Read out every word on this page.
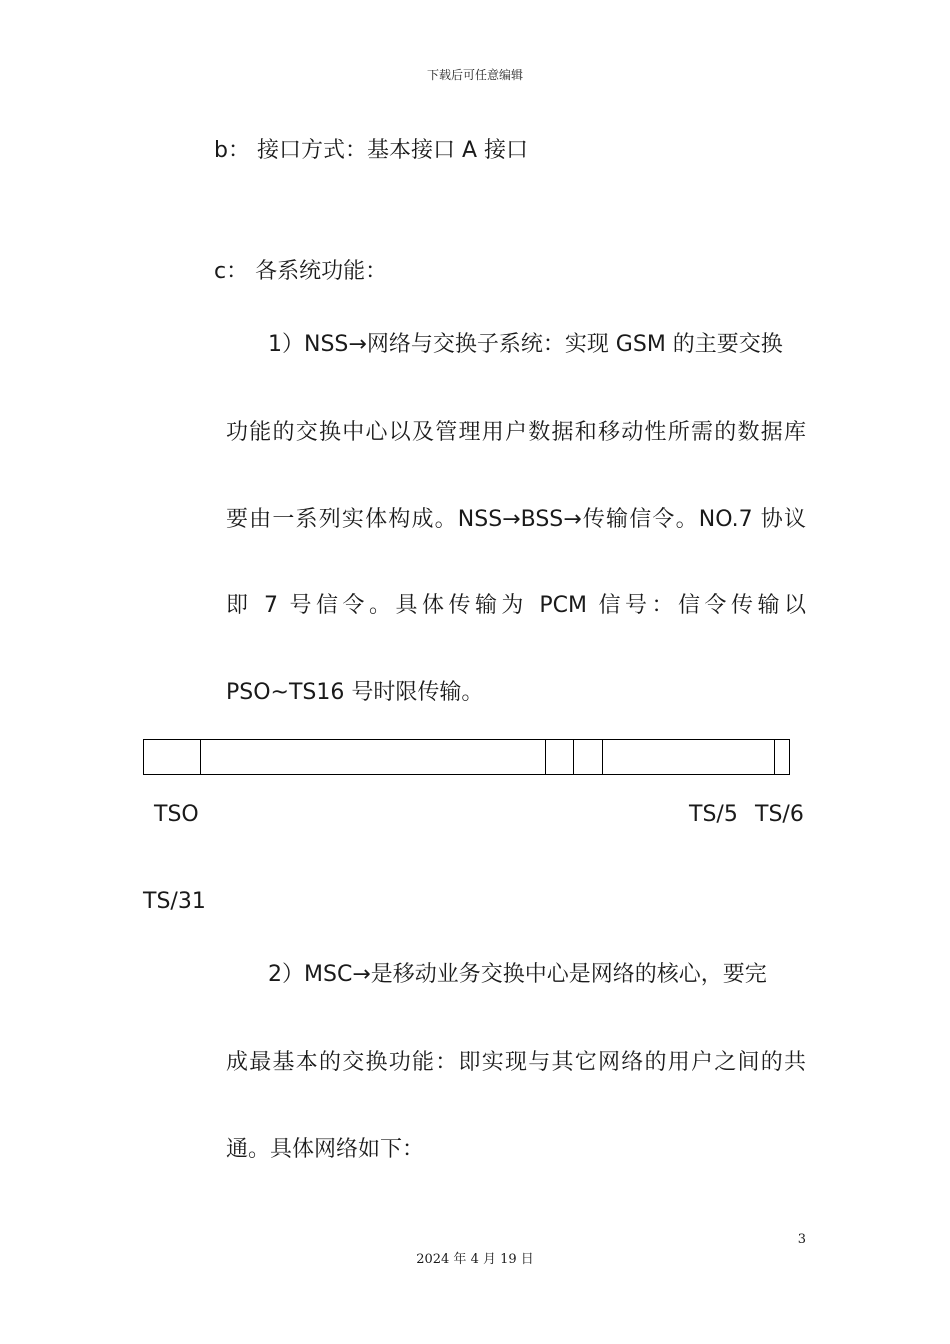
下载后可任意编辑
b： 接口方式：基本接口 A 接口
c： 各系统功能：
1）NSS→网络与交换子系统：实现 GSM 的主要交换
功能的交换中心以及管理用户数据和移动性所需的数据库
要由一系列实体构成。NSS→BSS→传输信令。NO.7 协议
即 7 号信令。具体传输为 PCM 信号：信令传输以
PSO~TS16 号时限传输。
TSO	TS/5 TS/6
TS/31
2）MSC→是移动业务交换中心是网络的核心，要完
成最基本的交换功能：即实现与其它网络的用户之间的共
通。具体网络如下：
3
2024 年 4 月 19 日
